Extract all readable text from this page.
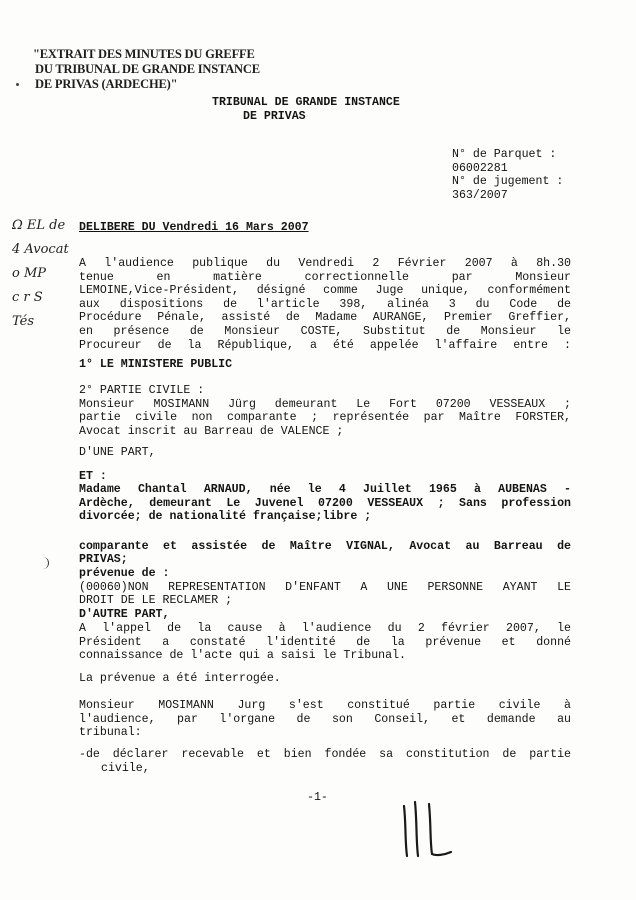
"EXTRAIT DES MINUTES DU GREFFE
DU TRIBUNAL DE GRANDE INSTANCE
DE PRIVAS (ARDECHE)"
TRIBUNAL DE GRANDE INSTANCE
DE PRIVAS
N° de Parquet :
06002281
N° de jugement :
363/2007
Ω EL de
4 Avocat
o MP
c r S
Tés
DELIBERE DU Vendredi 16 Mars 2007
A l'audience publique du Vendredi 2 Février 2007 à 8h.30
tenue en matière correctionnelle par Monsieur
LEMOINE,Vice-Président, désigné comme Juge unique, conformément
aux dispositions de l'article 398, alinéa 3 du Code de
Procédure Pénale, assisté de Madame AURANGE, Premier Greffier,
en présence de Monsieur COSTE, Substitut de Monsieur le
Procureur de la République, a été appelée l'affaire entre :
1° LE MINISTERE PUBLIC
2° PARTIE CIVILE :
Monsieur MOSIMANN Jürg demeurant Le Fort 07200 VESSEAUX ;
partie civile non comparante ; représentée par Maître FORSTER,
Avocat inscrit au Barreau de VALENCE ;
D'UNE PART,
ET :
Madame Chantal ARNAUD, née le 4 Juillet 1965 à AUBENAS -
Ardèche, demeurant Le Juvenel 07200 VESSEAUX ; Sans profession
divorcée; de nationalité française;libre ;
comparante et assistée de Maître VIGNAL, Avocat au Barreau de
PRIVAS;
prévenue de :
(00060)NON REPRESENTATION D'ENFANT A UNE PERSONNE AYANT LE
DROIT DE LE RECLAMER ;
D'AUTRE PART,
A l'appel de la cause à l'audience du 2 février 2007, le
Président a constaté l'identité de la prévenue et donné
connaissance de l'acte qui a saisi le Tribunal.
La prévenue a été interrogée.
Monsieur MOSIMANN Jurg s'est constitué partie civile à
l'audience, par l'organe de son Conseil, et demande au
tribunal:
-de déclarer recevable et bien fondée sa constitution de partie
civile,
-1-
